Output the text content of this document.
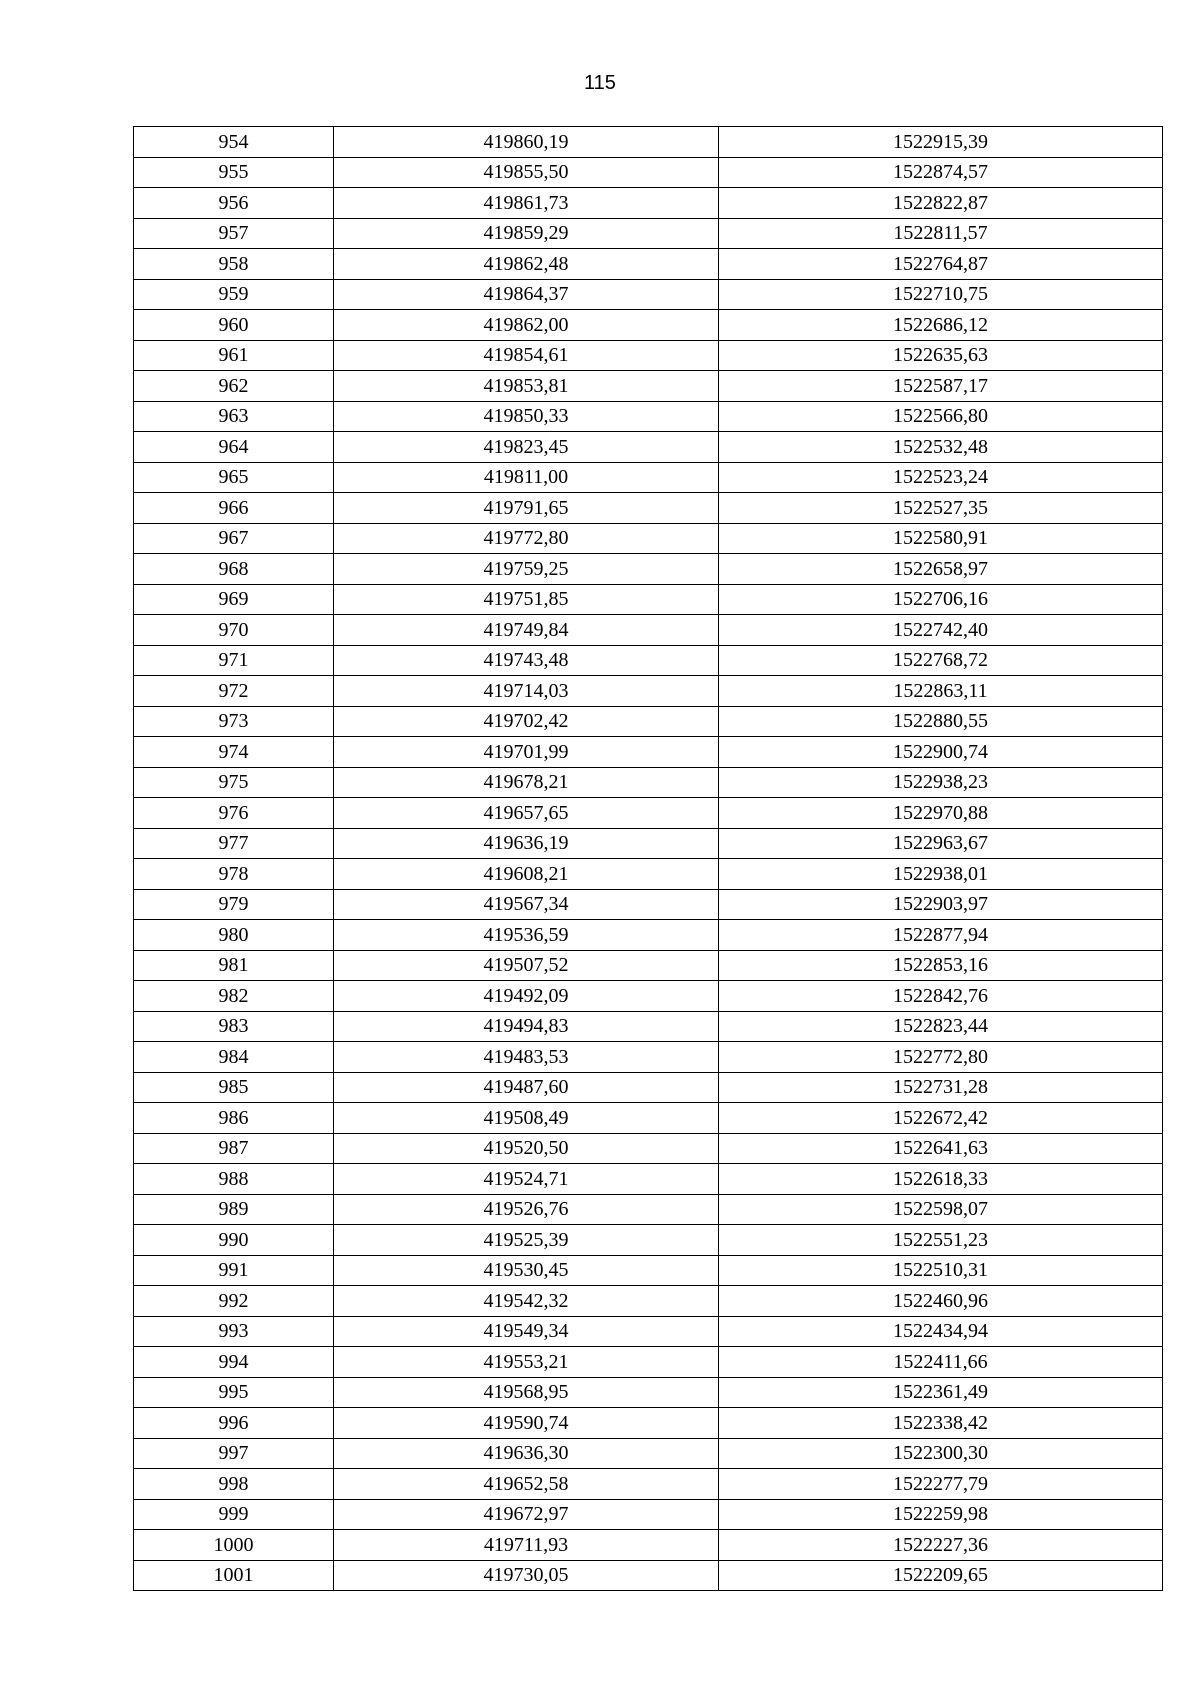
115
954	419860,19	1522915,39
955	419855,50	1522874,57
956	419861,73	1522822,87
957	419859,29	1522811,57
958	419862,48	1522764,87
959	419864,37	1522710,75
960	419862,00	1522686,12
961	419854,61	1522635,63
962	419853,81	1522587,17
963	419850,33	1522566,80
964	419823,45	1522532,48
965	419811,00	1522523,24
966	419791,65	1522527,35
967	419772,80	1522580,91
968	419759,25	1522658,97
969	419751,85	1522706,16
970	419749,84	1522742,40
971	419743,48	1522768,72
972	419714,03	1522863,11
973	419702,42	1522880,55
974	419701,99	1522900,74
975	419678,21	1522938,23
976	419657,65	1522970,88
977	419636,19	1522963,67
978	419608,21	1522938,01
979	419567,34	1522903,97
980	419536,59	1522877,94
981	419507,52	1522853,16
982	419492,09	1522842,76
983	419494,83	1522823,44
984	419483,53	1522772,80
985	419487,60	1522731,28
986	419508,49	1522672,42
987	419520,50	1522641,63
988	419524,71	1522618,33
989	419526,76	1522598,07
990	419525,39	1522551,23
991	419530,45	1522510,31
992	419542,32	1522460,96
993	419549,34	1522434,94
994	419553,21	1522411,66
995	419568,95	1522361,49
996	419590,74	1522338,42
997	419636,30	1522300,30
998	419652,58	1522277,79
999	419672,97	1522259,98
1000	419711,93	1522227,36
1001	419730,05	1522209,65
